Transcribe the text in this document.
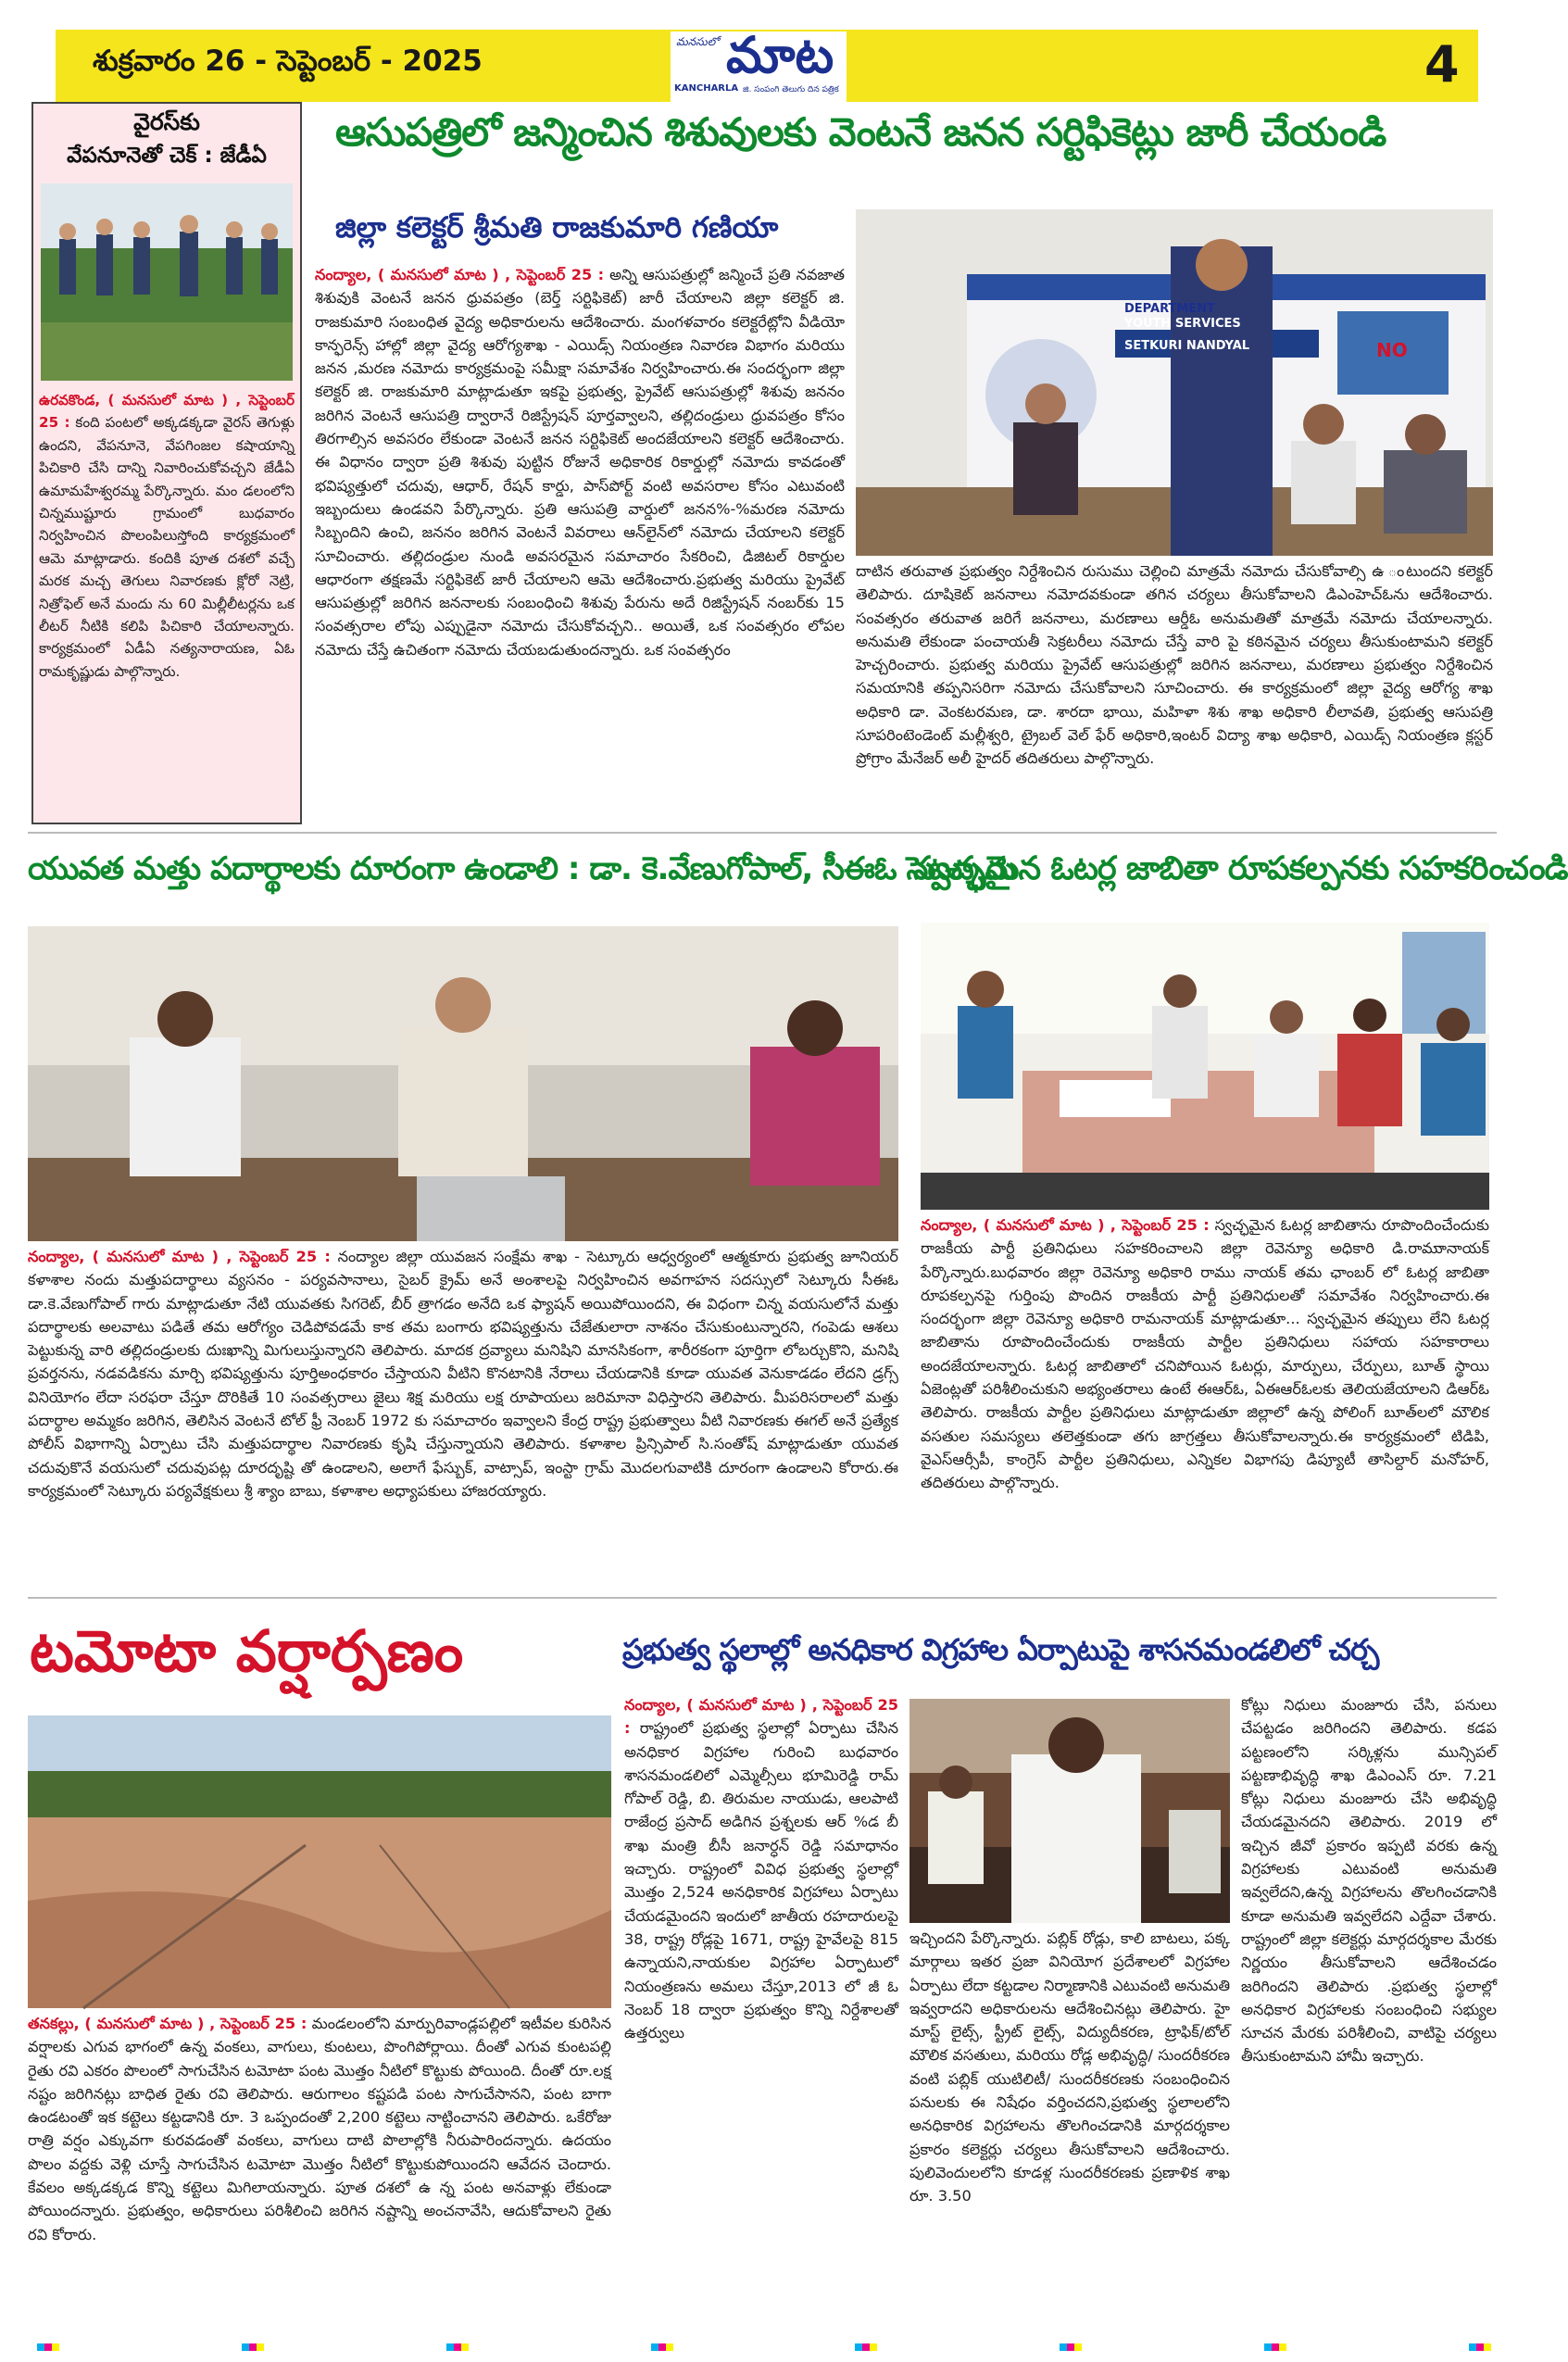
శుక్రవారం 26 - సెప్టెంబర్ - 2025
మనసులో మాట
KANCHARLA జి. సంపంగి తెలుగు దిన పత్రిక	4
వైరస్‌కు
వేపనూనెతో చెక్ : జేడీఏ
ఉరవకొండ, ( మనసులో మాట ) , సెప్టెంబర్ 25 : కంది పంటలో అక్కడక్కడా వైరస్ తెగుళ్లు ఉందని, వేపనూనె, వేపగింజల కషాయాన్ని పిచికారి చేసి దాన్ని నివారించుకోవచ్చని జేడీఏ ఉమామహేశ్వరమ్మ పేర్కొన్నారు. మం డలంలోని చిన్నముష్టూరు గ్రామంలో బుధవారం నిర్వహించిన పొలంపిలుస్తోంది కార్యక్రమంలో ఆమె మాట్లాడారు. కందికి పూత దశలో వచ్చే మరక మచ్చ తెగులు నివారణకు క్లోరో నెట్రి, నిత్రోఫెల్ అనే మందు ను 60 మిల్లీలీటర్లను ఒక లీటర్ నీటికి కలిపి పిచికారి చేయాలన్నారు. కార్యక్రమంలో ఏడీఏ నత్యనారాయణ, ఏఓ రామకృష్ణుడు పాల్గొన్నారు.
ఆసుపత్రిలో జన్మించిన శిశువులకు వెంటనే జనన సర్టిఫికెట్లు జారీ చేయండి
జిల్లా కలెక్టర్ శ్రీమతి రాజకుమారి గణియా
నంద్యాల, ( మనసులో మాట ) , సెప్టెంబర్ 25 : అన్ని ఆసుపత్రుల్లో జన్మించే ప్రతి నవజాత శిశువుకి వెంటనే జనన ధ్రువపత్రం (బెర్త్ సర్టిఫికెట్) జారీ చేయాలని జిల్లా కలెక్టర్ జి. రాజకుమారి సంబంధిత వైద్య అధికారులను ఆదేశించారు. మంగళవారం కలెక్టరేట్లోని వీడియో కాన్ఫరెన్స్ హాల్లో జిల్లా వైద్య ఆరోగ్యశాఖ - ఎయిడ్స్ నియంత్రణ నివారణ విభాగం మరియు జనన ,మరణ నమోదు కార్యక్రమంపై సమీక్షా సమావేశం నిర్వహించారు.ఈ సందర్భంగా జిల్లా కలెక్టర్ జి. రాజకుమారి మాట్లాడుతూ ఇకపై ప్రభుత్వ, ప్రైవేట్ ఆసుపత్రుల్లో శిశువు జననం జరిగిన వెంటనే ఆసుపత్రి ద్వారానే రిజిస్ట్రేషన్ పూర్తవ్వాలని, తల్లిదండ్రులు ధ్రువపత్రం కోసం తిరగాల్సిన అవసరం లేకుండా వెంటనే జనన సర్టిఫికెట్ అందజేయాలని కలెక్టర్ ఆదేశించారు. ఈ విధానం ద్వారా ప్రతి శిశువు పుట్టిన రోజునే అధికారిక రికార్డుల్లో నమోదు కావడంతో భవిష్యత్తులో చదువు, ఆధార్, రేషన్ కార్డు, పాస్‌పోర్ట్ వంటి అవసరాల కోసం ఎటువంటి ఇబ్బందులు ఉండవని పేర్కొన్నారు. ప్రతి ఆసుపత్రి వార్డులో జనన%-%మరణ నమోదు సిబ్బందిని ఉంచి, జననం జరిగిన వెంటనే వివరాలు ఆన్‌లైన్‌లో నమోదు చేయాలని కలెక్టర్ సూచించారు. తల్లిదండ్రుల నుండి అవసరమైన సమాచారం సేకరించి, డిజిటల్ రికార్డుల ఆధారంగా తక్షణమే సర్టిఫికెట్ జారీ చేయాలని ఆమె ఆదేశించారు.ప్రభుత్వ మరియు ప్రైవేట్ ఆసుపత్రుల్లో జరిగిన జననాలకు సంబంధించి శిశువు పేరును అదే రిజిస్ట్రేషన్ నంబర్‌కు 15 సంవత్సరాల లోపు ఎప్పుడైనా నమోదు చేసుకోవచ్చని.. అయితే, ఒక సంవత్సరం లోపల నమోదు చేస్తే ఉచితంగా నమోదు చేయబడుతుందన్నారు. ఒక సంవత్సరం
DEPARTMENT
YOUTH SERVICES
SETKURI NANDYAL	NO
దాటిన తరువాత ప్రభుత్వం నిర్దేశించిన రుసుము చెల్లించి మాత్రమే నమోదు చేసుకోవాల్సి ఉ ంటుందని కలెక్టర్ తెలిపారు. దూషికెట్ జననాలు నమోదవకుండా తగిన చర్యలు తీసుకోవాలని డిఎంహెచ్ఓను ఆదేశించారు. సంవత్సరం తరువాత జరిగే జననాలు, మరణాలు ఆర్డీఓ అనుమతితో మాత్రమే నమోదు చేయాలన్నారు. అనుమతి లేకుండా పంచాయతీ సెక్రటరీలు నమోదు చేస్తే వారి పై కఠినమైన చర్యలు తీసుకుంటామని కలెక్టర్ హెచ్చరించారు. ప్రభుత్వ మరియు ప్రైవేట్ ఆసుపత్రుల్లో జరిగిన జననాలు, మరణాలు ప్రభుత్వం నిర్దేశించిన సమయానికి తప్పనిసరిగా నమోదు చేసుకోవాలని సూచించారు. ఈ కార్యక్రమంలో జిల్లా వైద్య ఆరోగ్య శాఖ అధికారి డా. వెంకటరమణ, డా. శారదా భాయి, మహిళా శిశు శాఖ అధికారి లీలావతి, ప్రభుత్వ ఆసుపత్రి సూపరింటెండెంట్ మల్లీశ్వరి, ట్రైబల్ వెల్ ఫేర్ అధికారి,ఇంటర్ విద్యా శాఖ అధికారి, ఎయిడ్స్ నియంత్రణ క్లస్టర్ ప్రోగ్రాం మేనేజర్ అలీ హైదర్ తదితరులు పాల్గొన్నారు.
యువత మత్తు పదార్థాలకు దూరంగా ఉండాలి : డా. కె.వేణుగోపాల్, సీఈఓ సెట్కూరు
నంద్యాల, ( మనసులో మాట ) , సెప్టెంబర్ 25 : నంద్యాల జిల్లా యువజన సంక్షేమ శాఖ - సెట్కూరు ఆధ్వర్యంలో ఆత్మకూరు ప్రభుత్వ జూనియర్ కళాశాల నందు మత్తుపదార్థాలు వ్యసనం - పర్యవసానాలు, సైబర్ క్రైమ్ అనే అంశాలపై నిర్వహించిన అవగాహన సదస్సులో సెట్కూరు సీఈఓ డా.కె.వేణుగోపాల్ గారు మాట్లాడుతూ నేటి యువతకు సిగరెట్, బీర్ త్రాగడం అనేది ఒక ఫ్యాషన్ అయిపోయిందని, ఈ విధంగా చిన్న వయసులోనే మత్తు పదార్థాలకు అలవాటు పడితే తమ ఆరోగ్యం చెడిపోవడమే కాక తమ బంగారు భవిష్యత్తును చేజేతులారా నాశనం చేసుకుంటున్నారని, గంపెడు ఆశలు పెట్టుకున్న వారి తల్లిదండ్రులకు దుఃఖాన్ని మిగులుస్తున్నారని తెలిపారు. మాదక ద్రవ్యాలు మనిషిని మానసికంగా, శారీరకంగా పూర్తిగా లోబర్చుకొని, మనిషి ప్రవర్తనను, నడవడికను మార్చి భవిష్యత్తును పూర్తిఅంధకారం చేస్తాయని వీటిని కొనటానికి నేరాలు చేయడానికి కూడా యువత వెనుకాడడం లేదని డ్రగ్స్ వినియోగం లేదా సరఫరా చేస్తూ దొరికితే 10 సంవత్సరాలు జైలు శిక్ష మరియు లక్ష రూపాయలు జరిమానా విధిస్తారని తెలిపారు. మీపరిసరాలలో మత్తు పదార్థాల అమ్మకం జరిగిన, తెలిసిన వెంటనే టోల్ ఫ్రీ నెంబర్ 1972 కు సమాచారం ఇవ్వాలని కేంద్ర రాష్ట్ర ప్రభుత్వాలు వీటి నివారణకు ఈగల్ అనే ప్రత్యేక పోలీస్ విభాగాన్ని ఏర్పాటు చేసి మత్తుపదార్థాల నివారణకు కృషి చేస్తున్నాయని తెలిపారు. కళాశాల ప్రిన్సిపాల్ సి.సంతోష్ మాట్లాడుతూ యువత చదువుకొనే వయసులో చదువుపట్ల దూరదృష్టి తో ఉండాలని, అలాగే ఫేస్బుక్, వాట్సాప్, ఇంస్టా గ్రామ్ మొదలగువాటికి దూరంగా ఉండాలని కోరారు.ఈ కార్యక్రమంలో సెట్కూరు పర్యవేక్షకులు శ్రీ శ్యాం బాబు, కళాశాల అధ్యాపకులు హాజరయ్యారు.
స్వచ్ఛమైన ఓటర్ల జాబితా రూపకల్పనకు సహకరించండి
నంద్యాల, ( మనసులో మాట ) , సెప్టెంబర్ 25 : స్వచ్ఛమైన ఓటర్ల జాబితాను రూపొందించేందుకు రాజకీయ పార్టీ ప్రతినిధులు సహకరించాలని జిల్లా రెవెన్యూ అధికారి డి.రాముానాయక్ పేర్కొన్నారు.బుధవారం జిల్లా రెవెన్యూ అధికారి రాము నాయక్ తమ ఛాంబర్ లో ఓటర్ల జాబితా రూపకల్పనపై గుర్తింపు పొందిన రాజకీయ పార్టీ ప్రతినిధులతో సమావేశం నిర్వహించారు.ఈ సందర్భంగా జిల్లా రెవెన్యూ అధికారి రామనాయక్ మాట్లాడుతూ... స్వచ్ఛమైన తప్పులు లేని ఓటర్ల జాబితాను రూపొందించేందుకు రాజకీయ పార్టీల ప్రతినిధులు సహాయ సహకారాలు అందజేయాలన్నారు. ఓటర్ల జాబితాలో చనిపోయిన ఓటర్లు, మార్పులు, చేర్పులు, బూత్ స్థాయి ఏజెంట్లతో పరిశీలించుకుని అభ్యంతరాలు ఉంటే ఈఆర్ఓ, ఏఈఆర్ఓలకు తెలియజేయాలని డిఆర్ఓ తెలిపారు. రాజకీయ పార్టీల ప్రతినిధులు మాట్లాడుతూ జిల్లాలో ఉన్న పోలింగ్ బూత్‌లలో మౌలిక వసతుల సమస్యలు తలెత్తకుండా తగు జాగ్రత్తలు తీసుకోవాలన్నారు.ఈ కార్యక్రమంలో టిడిపి, వైఎస్ఆర్సీపీ, కాంగ్రెస్ పార్టీల ప్రతినిధులు, ఎన్నికల విభాగపు డిప్యూటీ తాసిల్దార్ మనోహర్, తదితరులు పాల్గొన్నారు.
టమోటా వర్షార్పణం
తనకల్లు, ( మనసులో మాట ) , సెప్టెంబర్ 25 : మండలంలోని మార్పురివాండ్లపల్లిలో ఇటీవల కురిసిన వర్షాలకు ఎగువ భాగంలో ఉన్న వంకలు, వాగులు, కుంటలు, పొంగిపోర్లాయి. దీంతో ఎగువ కుంటపల్లి రైతు రవి ఎకరం పొలంలో సాగుచేసిన టమోటా పంట మొత్తం నీటిలో కొట్టుకు పోయింది. దీంతో రూ.లక్ష నష్టం జరిగినట్లు బాధిత రైతు రవి తెలిపారు. ఆరుగాలం కష్టపడి పంట సాగుచేసానని, పంట బాగా ఉండటంతో ఇక కట్టెలు కట్టడానికి రూ. 3 ఒప్పందంతో 2,200 కట్టెలు నాట్టించానని తెలిపారు. ఒకేరోజు రాత్రి వర్షం ఎక్కువగా కురవడంతో వంకలు, వాగులు దాటి పొలాల్లోకి నీరుపారిందన్నారు. ఉదయం పొలం వద్దకు వెళ్లి చూస్తే సాగుచేసిన టమోటా మొత్తం నీటిలో కొట్టుకుపోయిందని ఆవేదన చెందారు. కేవలం అక్కడక్కడ కొన్ని కట్టెలు మిగిలాయన్నారు. పూత దశలో ఉ న్న పంట అనవాళ్లు లేకుండా పోయిందన్నారు. ప్రభుత్వం, అధికారులు పరిశీలించి జరిగిన నష్టాన్ని అంచనావేసి, ఆదుకోవాలని రైతు రవి కోరారు.
ప్రభుత్వ స్థలాల్లో అనధికార విగ్రహాల ఏర్పాటుపై శాసనమండలిలో చర్చ
నంద్యాల, ( మనసులో మాట ) , సెప్టెంబర్ 25 : రాష్ట్రంలో ప్రభుత్వ స్థలాల్లో ఏర్పాటు చేసిన అనధికార విగ్రహాల గురించి బుధవారం శాసనమండలిలో ఎమ్మెల్సీలు భూమిరెడ్డి రామ్ గోపాల్ రెడ్డి, బి. తిరుమల నాయుడు, ఆలపాటి రాజేంద్ర ప్రసాద్ అడిగిన ప్రశ్నలకు ఆర్ %డ బీ శాఖ మంత్రి బీసీ జనార్ధన్ రెడ్డి సమాధానం ఇచ్చారు. రాష్ట్రంలో వివిధ ప్రభుత్వ స్థలాల్లో మొత్తం 2,524 అనధికారిక విగ్రహాలు ఏర్పాటు చేయడమైందని ఇందులో జాతీయ రహదారులపై 38, రాష్ట్ర రోడ్లపై 1671, రాష్ట్ర హైవేలపై 815 ఉన్నాయని,నాయకుల విగ్రహాల ఏర్పాటులో నియంత్రణను అమలు చేస్తూ,2013 లో జీ ఓ నెంబర్ 18 ద్వారా ప్రభుత్వం కొన్ని నిర్దేశాలతో ఉత్తర్వులు
ఇచ్చిందని పేర్కొన్నారు. పబ్లిక్ రోడ్లు, కాలి బాటలు, పక్క మార్గాలు ఇతర ప్రజా వినియోగ ప్రదేశాలలో విగ్రహాల ఏర్పాటు లేదా కట్టడాల నిర్మాణానికి ఎటువంటి అనుమతి ఇవ్వరాదని అధికారులను ఆదేశించినట్లు తెలిపారు. హై మాస్ట్ లైట్స్, స్ట్రీట్ లైట్స్, విద్యుదీకరణ, ట్రాఫిక్/టోల్ మౌలిక వసతులు, మరియు రోడ్ల అభివృద్ధి/ సుందరీకరణ వంటి పబ్లిక్ యుటిలిటీ/ సుందరీకరణకు సంబంధించిన పనులకు ఈ నిషేధం వర్తించదని,ప్రభుత్వ స్థలాలలోని అనధికారిక విగ్రహాలను తొలగించడానికి మార్గదర్శకాల ప్రకారం కలెక్టర్లు చర్యలు తీసుకోవాలని ఆదేశించారు. పులివెందులలోని కూడళ్ల సుందరీకరణకు ప్రణాళిక శాఖ రూ. 3.50
కోట్లు నిధులు మంజూరు చేసి, పనులు చేపట్టడం జరిగిందని తెలిపారు. కడప పట్టణంలోని సర్కిళ్లను మున్సిపల్ పట్టణాభివృద్ధి శాఖ డిఎంఎస్ రూ. 7.21 కోట్లు నిధులు మంజూరు చేసి అభివృద్ధి చేయడమైనదని తెలిపారు. 2019 లో ఇచ్చిన జీవో ప్రకారం ఇప్పటి వరకు ఉన్న విగ్రహాలకు ఎటువంటి అనుమతి ఇవ్వలేదని,ఉన్న విగ్రహాలను తొలగించడానికి కూడా అనుమతి ఇవ్వలేదని ఎద్దేవా చేశారు. రాష్ట్రంలో జిల్లా కలెక్టర్లు మార్గదర్శకాల మేరకు నిర్ణయం తీసుకోవాలని ఆదేశించడం జరిగిందని తెలిపారు .ప్రభుత్వ స్థలాల్లో అనధికార విగ్రహాలకు సంబంధించి సభ్యుల సూచన మేరకు పరిశీలించి, వాటిపై చర్యలు తీసుకుంటామని హామీ ఇచ్చారు.
